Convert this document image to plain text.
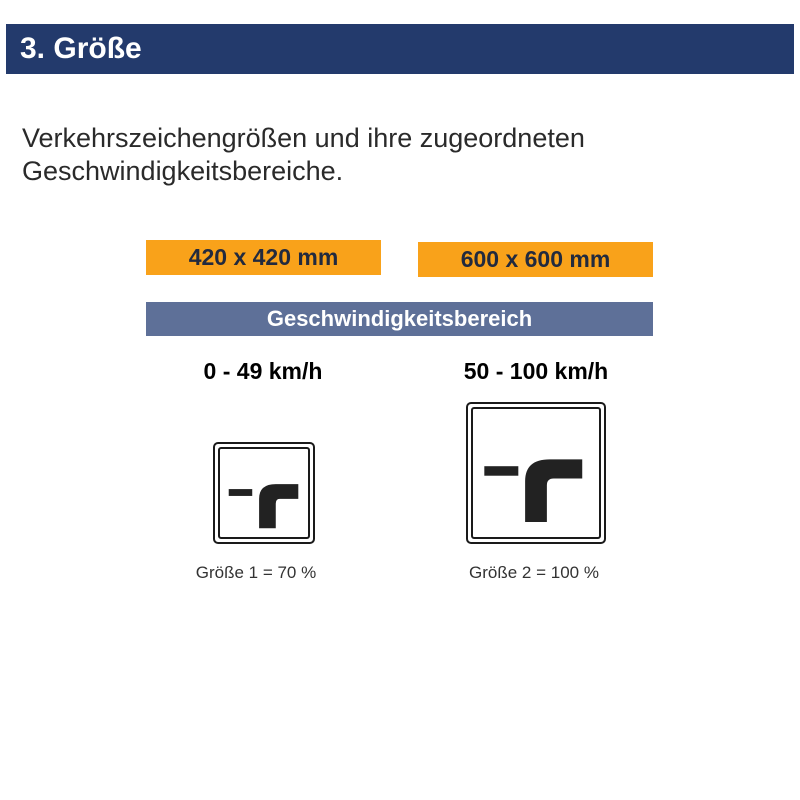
3. Größe
Verkehrszeichengrößen und ihre zugeordneten Geschwindigkeitsbereiche.
420 x 420 mm	600 x 600 mm
Geschwindigkeitsbereich
0 - 49 km/h	50 - 100 km/h
Größe 1 = 70 %	Größe 2 = 100 %
